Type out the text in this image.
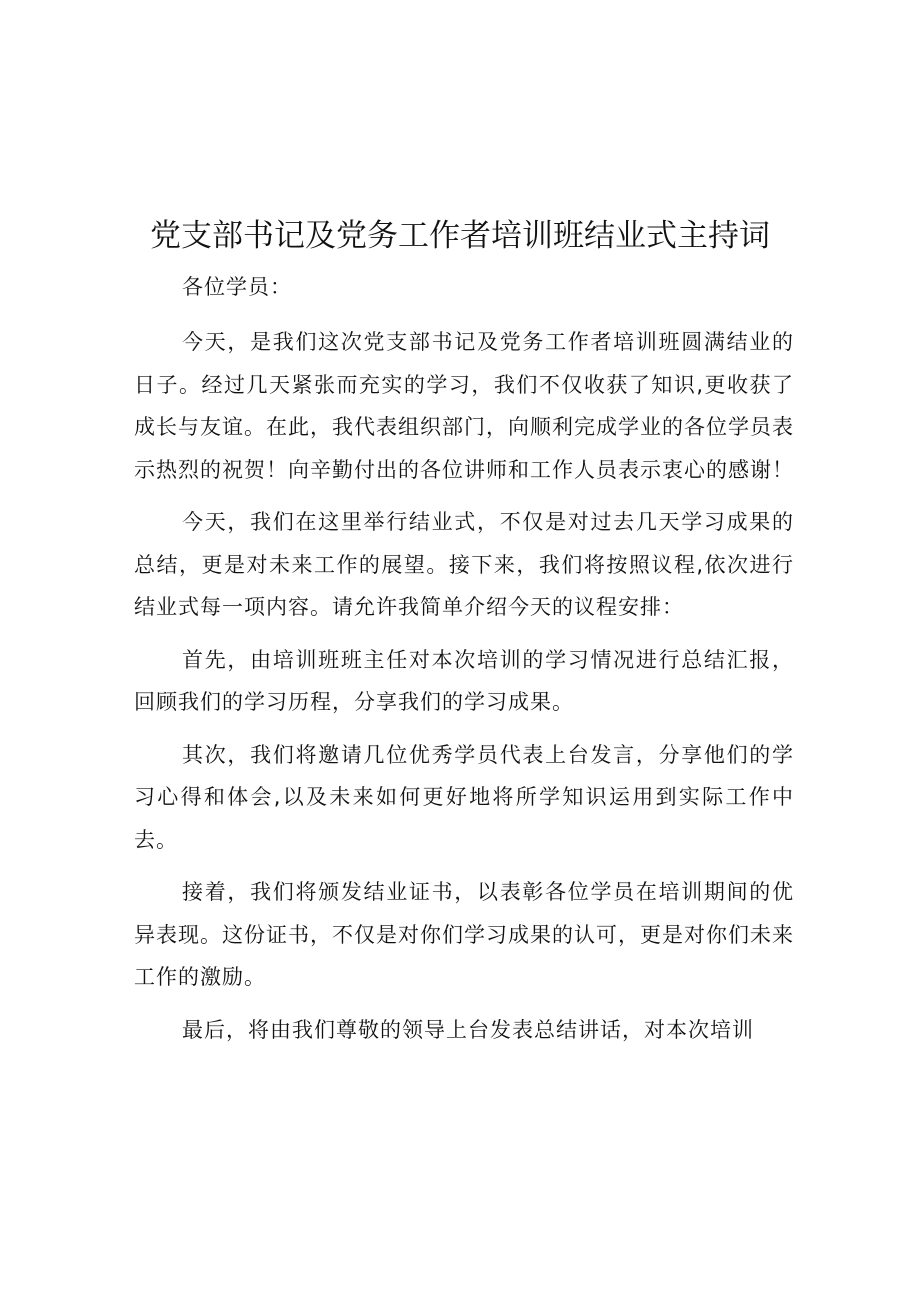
党支部书记及党务工作者培训班结业式主持词

各位学员：

今天，是我们这次党支部书记及党务工作者培训班圆满结业的日子。经过几天紧张而充实的学习，我们不仅收获了知识,更收获了成长与友谊。在此，我代表组织部门，向顺利完成学业的各位学员表示热烈的祝贺！向辛勤付出的各位讲师和工作人员表示衷心的感谢！

今天，我们在这里举行结业式，不仅是对过去几天学习成果的总结，更是对未来工作的展望。接下来，我们将按照议程,依次进行结业式每一项内容。请允许我简单介绍今天的议程安排：

首先，由培训班班主任对本次培训的学习情况进行总结汇报，回顾我们的学习历程，分享我们的学习成果。

其次，我们将邀请几位优秀学员代表上台发言，分享他们的学习心得和体会,以及未来如何更好地将所学知识运用到实际工作中去。

接着，我们将颁发结业证书，以表彰各位学员在培训期间的优异表现。这份证书，不仅是对你们学习成果的认可，更是对你们未来工作的激励。

最后，将由我们尊敬的领导上台发表总结讲话，对本次培训
